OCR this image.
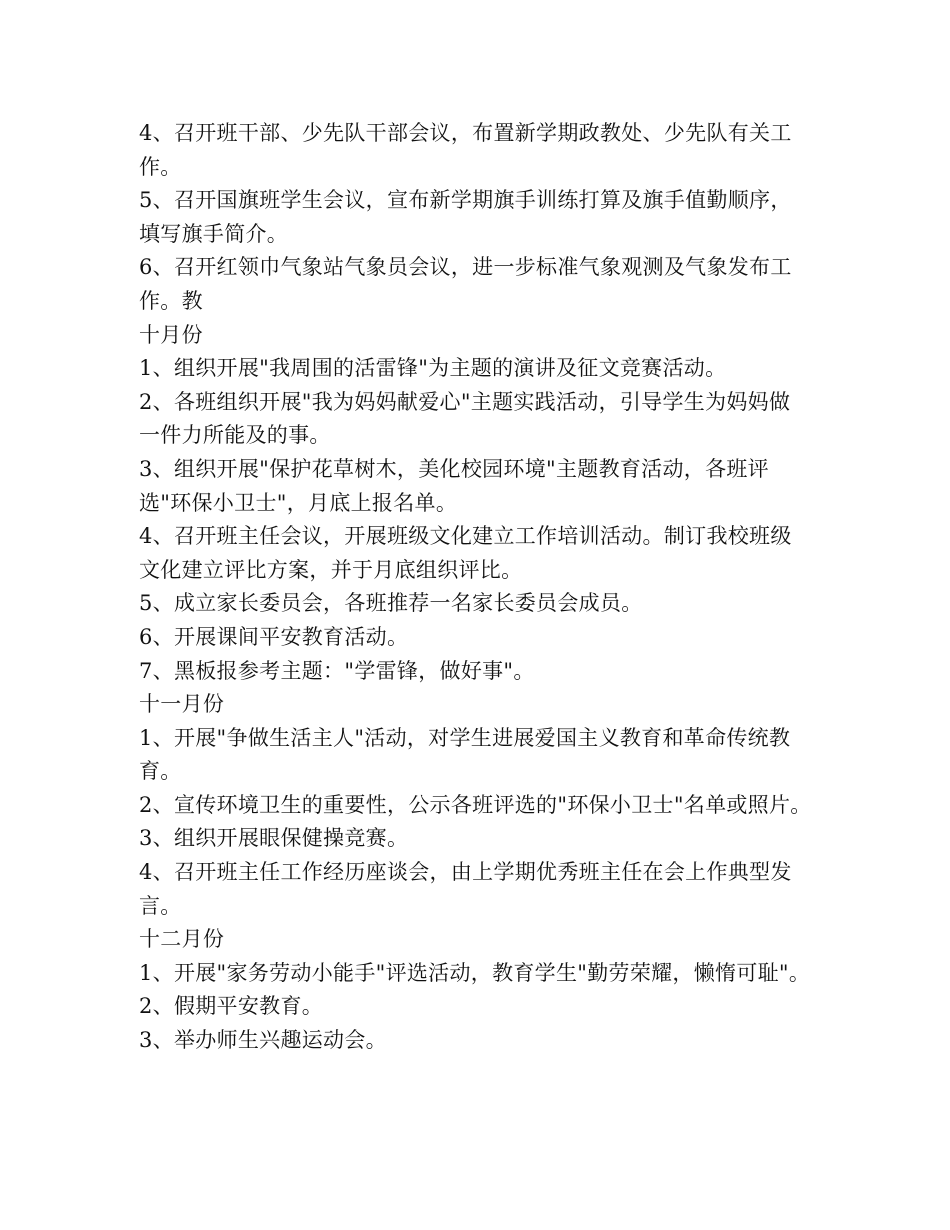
4、召开班干部、少先队干部会议，布置新学期政教处、少先队有关工
作。
5、召开国旗班学生会议，宣布新学期旗手训练打算及旗手值勤顺序，
填写旗手简介。
6、召开红领巾气象站气象员会议，进一步标准气象观测及气象发布工
作。教
十月份
1、组织开展"我周围的活雷锋"为主题的演讲及征文竞赛活动。
2、各班组织开展"我为妈妈献爱心"主题实践活动，引导学生为妈妈做
一件力所能及的事。
3、组织开展"保护花草树木，美化校园环境"主题教育活动，各班评
选"环保小卫士"，月底上报名单。
4、召开班主任会议，开展班级文化建立工作培训活动。制订我校班级
文化建立评比方案，并于月底组织评比。
5、成立家长委员会，各班推荐一名家长委员会成员。
6、开展课间平安教育活动。
7、黑板报参考主题："学雷锋，做好事"。
十一月份
1、开展"争做生活主人"活动，对学生进展爱国主义教育和革命传统教
育。
2、宣传环境卫生的重要性，公示各班评选的"环保小卫士"名单或照片。
3、组织开展眼保健操竞赛。
4、召开班主任工作经历座谈会，由上学期优秀班主任在会上作典型发
言。
十二月份
1、开展"家务劳动小能手"评选活动，教育学生"勤劳荣耀，懒惰可耻"。
2、假期平安教育。
3、举办师生兴趣运动会。
